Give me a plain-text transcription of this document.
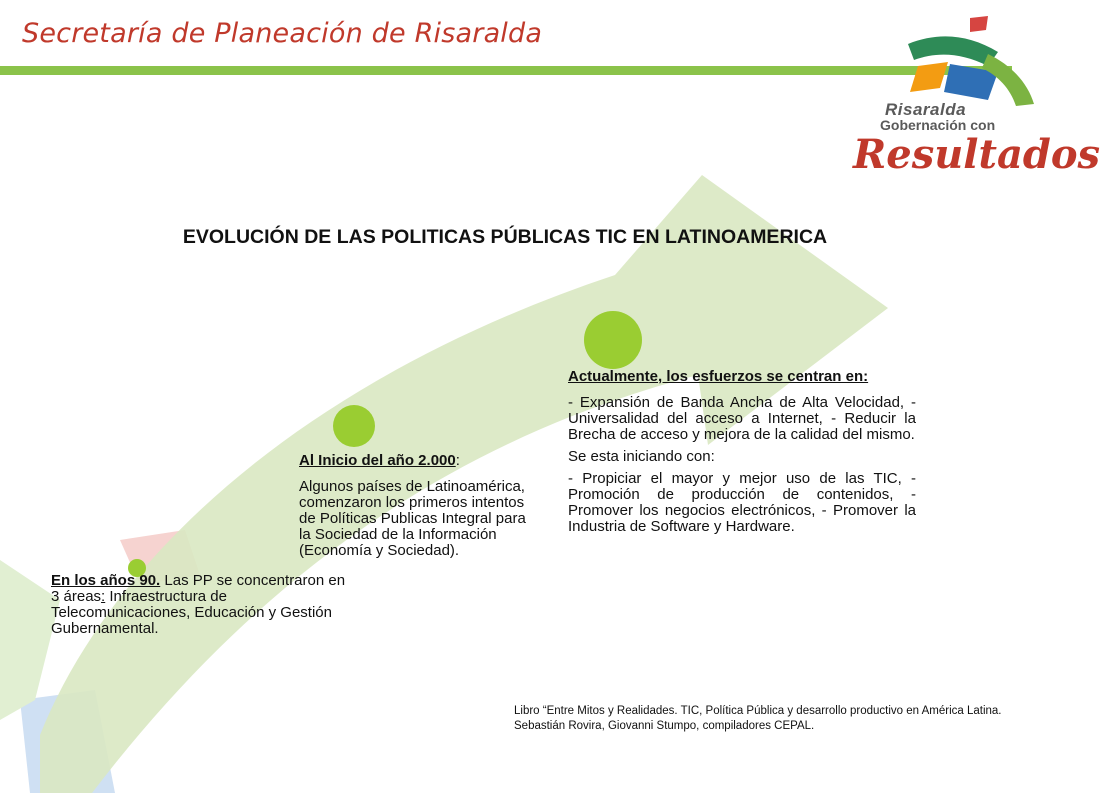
Secretaría de Planeación de Risaralda
Risaralda
Gobernación con
Resultados
EVOLUCIÓN DE LAS POLITICAS PÚBLICAS TIC EN LATINOAMERICA
En los años 90. Las PP se concentraron en 3 áreas: Infraestructura de Telecomunicaciones, Educación y Gestión Gubernamental.

Al Inicio del año 2.000:

Algunos países de Latinoamérica, comenzaron los primeros intentos de Políticas Publicas Integral para la Sociedad de la Información (Economía y Sociedad).

Actualmente, los esfuerzos se centran en:

- Expansión de Banda Ancha de Alta Velocidad, - Universalidad del acceso a Internet, - Reducir la Brecha de acceso y mejora de la calidad del mismo.

Se esta iniciando con:

- Propiciar el mayor y mejor uso de las TIC, - Promoción de producción de contenidos, - Promover los negocios electrónicos, - Promover la Industria de Software y Hardware.

Libro “Entre Mitos y Realidades. TIC, Política Pública y desarrollo productivo en América Latina. Sebastián Rovira, Giovanni Stumpo, compiladores CEPAL.
